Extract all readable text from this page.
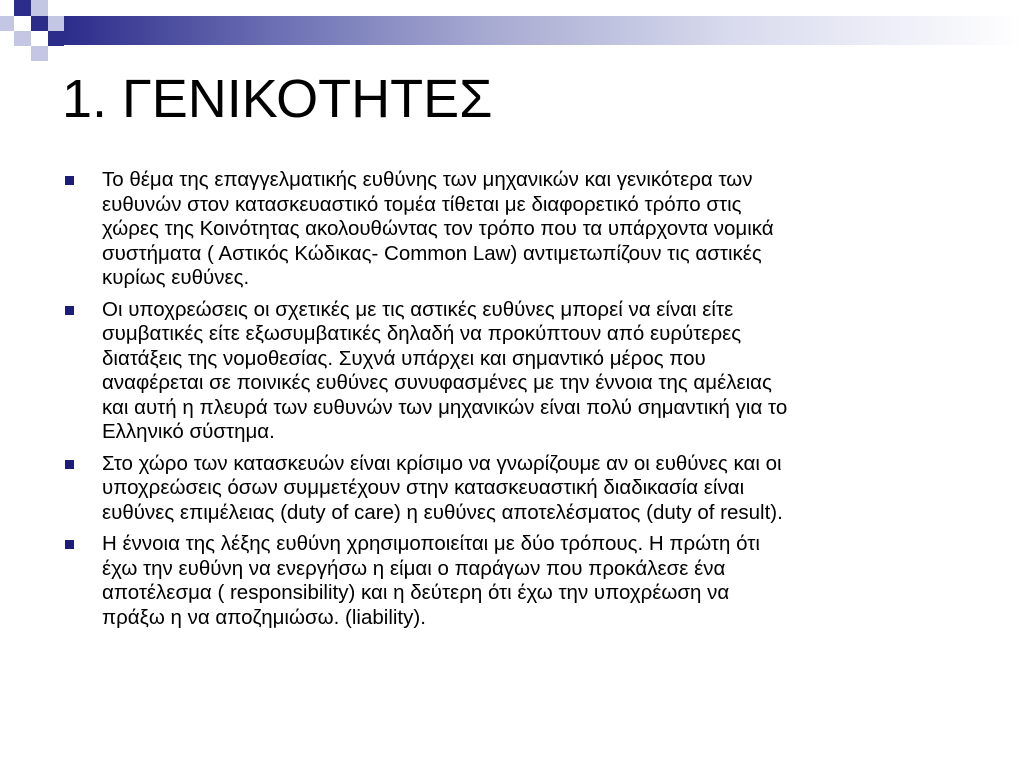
1. ΓΕΝΙΚΟΤΗΤΕΣ
Το θέμα της επαγγελματικής ευθύνης των μηχανικών και γενικότερα των
ευθυνών στον κατασκευαστικό τομέα τίθεται με διαφορετικό τρόπο στις
χώρες της Κοινότητας ακολουθώντας τον τρόπο που τα υπάρχοντα νομικά
συστήματα ( Αστικός Κώδικας- Common Law) αντιμετωπίζουν τις αστικές
κυρίως ευθύνες.
Οι υποχρεώσεις οι σχετικές με τις αστικές ευθύνες μπορεί να είναι είτε
συμβατικές είτε εξωσυμβατικές δηλαδή να προκύπτουν από ευρύτερες
διατάξεις της νομοθεσίας. Συχνά υπάρχει και σημαντικό μέρος που
αναφέρεται σε ποινικές ευθύνες συνυφασμένες με την έννοια της αμέλειας
και αυτή η πλευρά των ευθυνών των μηχανικών είναι πολύ σημαντική για το
Ελληνικό σύστημα.
Στο χώρο των κατασκευών είναι κρίσιμο να γνωρίζουμε αν οι ευθύνες και οι
υποχρεώσεις όσων συμμετέχουν στην κατασκευαστική διαδικασία είναι
ευθύνες επιμέλειας (duty of care) η ευθύνες αποτελέσματος (duty of result).
Η έννοια της λέξης ευθύνη χρησιμοποιείται με δύο τρόπους. Η πρώτη ότι
έχω την ευθύνη να ενεργήσω η είμαι ο παράγων που προκάλεσε ένα
αποτέλεσμα ( responsibility) και η δεύτερη ότι έχω την υποχρέωση να
πράξω η να αποζημιώσω. (liability).
